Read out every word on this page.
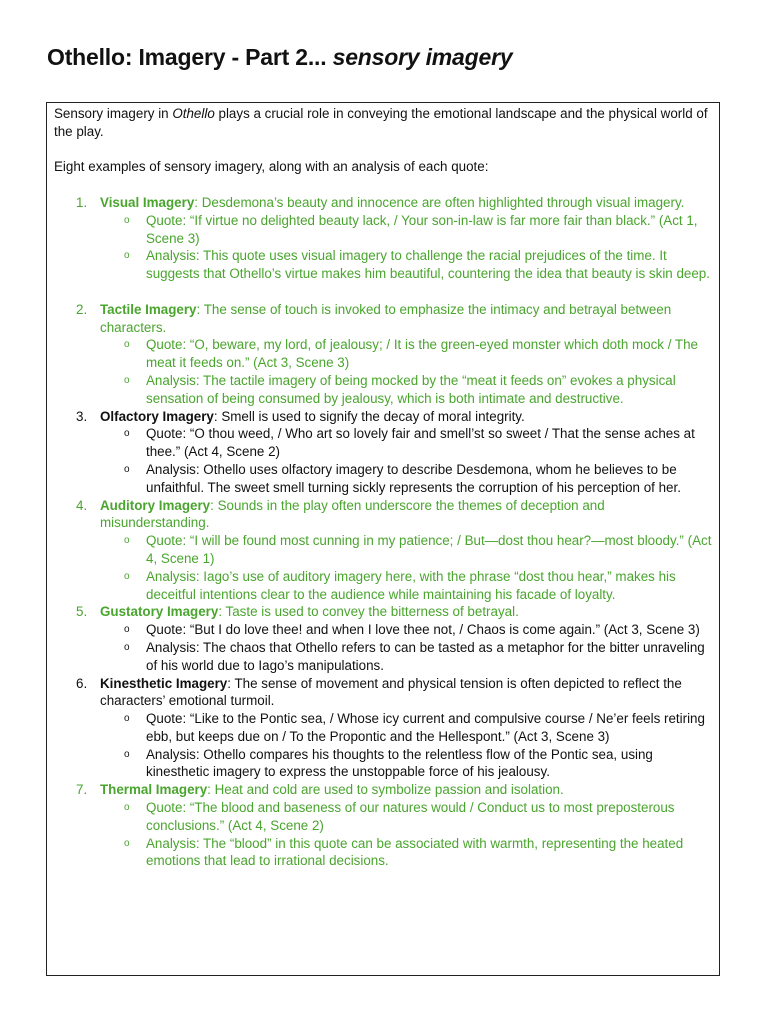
Othello: Imagery - Part 2... sensory imagery

Sensory imagery in Othello plays a crucial role in conveying the emotional landscape and the physical world of the play.

Eight examples of sensory imagery, along with an analysis of each quote:

1. Visual Imagery: Desdemona’s beauty and innocence are often highlighted through visual imagery.
o Quote: “If virtue no delighted beauty lack, / Your son-in-law is far more fair than black.” (Act 1, Scene 3)
o Analysis: This quote uses visual imagery to challenge the racial prejudices of the time. It suggests that Othello’s virtue makes him beautiful, countering the idea that beauty is skin deep.
2. Tactile Imagery: The sense of touch is invoked to emphasize the intimacy and betrayal between characters.
o Quote: “O, beware, my lord, of jealousy; / It is the green-eyed monster which doth mock / The meat it feeds on.” (Act 3, Scene 3)
o Analysis: The tactile imagery of being mocked by the “meat it feeds on” evokes a physical sensation of being consumed by jealousy, which is both intimate and destructive.
3. Olfactory Imagery: Smell is used to signify the decay of moral integrity.
o Quote: “O thou weed, / Who art so lovely fair and smell’st so sweet / That the sense aches at thee.” (Act 4, Scene 2)
o Analysis: Othello uses olfactory imagery to describe Desdemona, whom he believes to be unfaithful. The sweet smell turning sickly represents the corruption of his perception of her.
4. Auditory Imagery: Sounds in the play often underscore the themes of deception and misunderstanding.
o Quote: “I will be found most cunning in my patience; / But—dost thou hear?—most bloody.” (Act 4, Scene 1)
o Analysis: Iago’s use of auditory imagery here, with the phrase “dost thou hear,” makes his deceitful intentions clear to the audience while maintaining his facade of loyalty.
5. Gustatory Imagery: Taste is used to convey the bitterness of betrayal.
o Quote: “But I do love thee! and when I love thee not, / Chaos is come again.” (Act 3, Scene 3)
o Analysis: The chaos that Othello refers to can be tasted as a metaphor for the bitter unraveling of his world due to Iago’s manipulations.
6. Kinesthetic Imagery: The sense of movement and physical tension is often depicted to reflect the characters’ emotional turmoil.
o Quote: “Like to the Pontic sea, / Whose icy current and compulsive course / Ne’er feels retiring ebb, but keeps due on / To the Propontic and the Hellespont.” (Act 3, Scene 3)
o Analysis: Othello compares his thoughts to the relentless flow of the Pontic sea, using kinesthetic imagery to express the unstoppable force of his jealousy.
7. Thermal Imagery: Heat and cold are used to symbolize passion and isolation.
o Quote: “The blood and baseness of our natures would / Conduct us to most preposterous conclusions.” (Act 4, Scene 2)
o Analysis: The “blood” in this quote can be associated with warmth, representing the heated emotions that lead to irrational decisions.
